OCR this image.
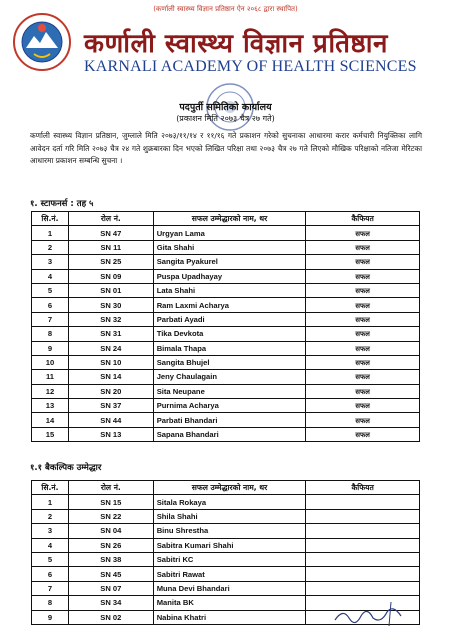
(कर्णाली स्वास्थ्य विज्ञान प्रतिष्ठान ऐन २०६८ द्वारा स्थापित)
कर्णाली स्वास्थ्य विज्ञान प्रतिष्ठान
KARNALI ACADEMY OF HEALTH SCIENCES
पदपुर्ती समितिको कार्यालय
(प्रकाशन मिति २०७३ चैत्र २७ गते)
कर्णाली स्वास्थ्य विज्ञान प्रतिष्ठान, जुम्लाले मिति २०७३/११/१४ र ११/१६ गते प्रकाशन गरेको सुचनाका आधारमा करार कर्मचारी नियुक्तिका लागि आवेदन दर्ता गरि मिति २०७३ चैत्र २४ गते शुक्रबारका दिन भएको लिखित परिक्षा तथा २०७३ चैत्र २७ गते लिएको मौखिक परिक्षाको नतिजा मेरिटका आधारमा प्रकाशन सम्बन्धि सुचना ।
१. स्टाफनर्स : तह ५
सि.नं.	रोल नं.	सफल उम्मेद्धारको नाम, थर	कैफियत
1	SN 47	Urgyan Lama	सफल
2	SN 11	Gita Shahi	सफल
3	SN 25	Sangita Pyakurel	सफल
4	SN 09	Puspa Upadhayay	सफल
5	SN 01	Lata Shahi	सफल
6	SN 30	Ram Laxmi Acharya	सफल
7	SN 32	Parbati Ayadi	सफल
8	SN 31	Tika Devkota	सफल
9	SN 24	Bimala Thapa	सफल
10	SN 10	Sangita Bhujel	सफल
11	SN 14	Jeny Chaulagain	सफल
12	SN 20	Sita Neupane	सफल
13	SN 37	Purnima Acharya	सफल
14	SN 44	Parbati Bhandari	सफल
15	SN 13	Sapana Bhandari	सफल
१.१ बैकल्पिक उम्मेद्धार
सि.नं.	रोल नं.	सफल उम्मेद्धारको नाम, थर	कैफियत
1	SN 15	Sitala Rokaya	
2	SN 22	Shila Shahi	
3	SN 04	Binu Shrestha	
4	SN 26	Sabitra Kumari Shahi	
5	SN 38	Sabitri KC	
6	SN 45	Sabitri Rawat	
7	SN 07	Muna Devi Bhandari	
8	SN 34	Manita BK	
9	SN 02	Nabina Khatri	
